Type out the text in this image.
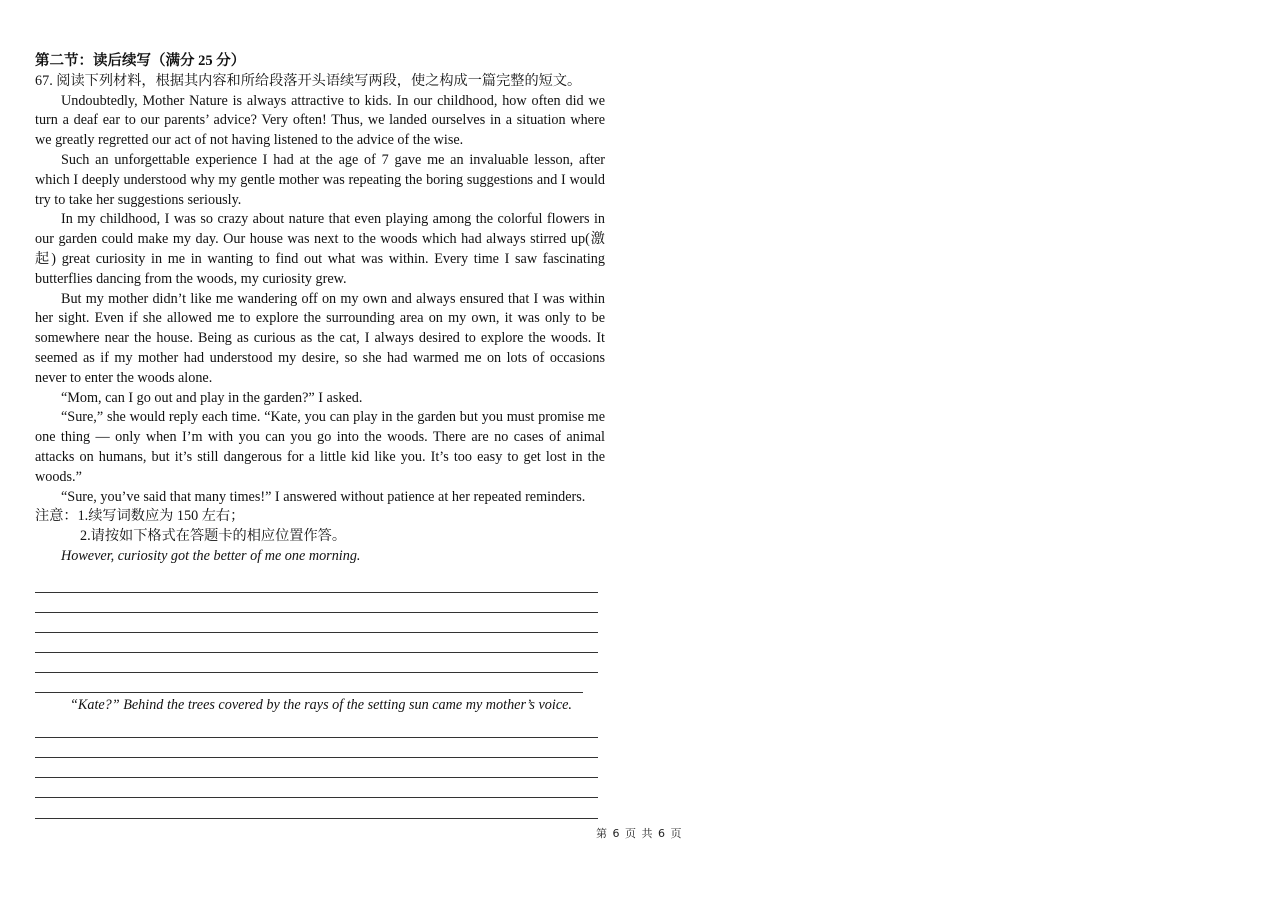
第二节：读后续写（满分 25 分）

67. 阅读下列材料，根据其内容和所给段落开头语续写两段，使之构成一篇完整的短文。

Undoubtedly, Mother Nature is always attractive to kids. In our childhood, how often did we turn a deaf ear to our parents’ advice? Very often! Thus, we landed ourselves in a situation where we greatly regretted our act of not having listened to the advice of the wise.

Such an unforgettable experience I had at the age of 7 gave me an invaluable lesson, after which I deeply understood why my gentle mother was repeating the boring suggestions and I would try to take her suggestions seriously.

In my childhood, I was so crazy about nature that even playing among the colorful flowers in our garden could make my day. Our house was next to the woods which had always stirred up(激起) great curiosity in me in wanting to find out what was within. Every time I saw fascinating butterflies dancing from the woods, my curiosity grew.

But my mother didn’t like me wandering off on my own and always ensured that I was within her sight. Even if she allowed me to explore the surrounding area on my own, it was only to be somewhere near the house. Being as curious as the cat, I always desired to explore the woods. It seemed as if my mother had understood my desire, so she had warmed me on lots of occasions never to enter the woods alone.

“Mom, can I go out and play in the garden?” I asked.

“Sure,” she would reply each time. “Kate, you can play in the garden but you must promise me one thing — only when I’m with you can you go into the woods. There are no cases of animal attacks on humans, but it’s still dangerous for a little kid like you. It’s too easy to get lost in the woods.”

“Sure, you’ve said that many times!” I answered without patience at her repeated reminders.

注意：1.续写词数应为 150 左右；

2.请按如下格式在答题卡的相应位置作答。

However, curiosity got the better of me one morning.

“Kate?” Behind the trees covered by the rays of the setting sun came my mother’s voice.

第 6 页 共 6 页
